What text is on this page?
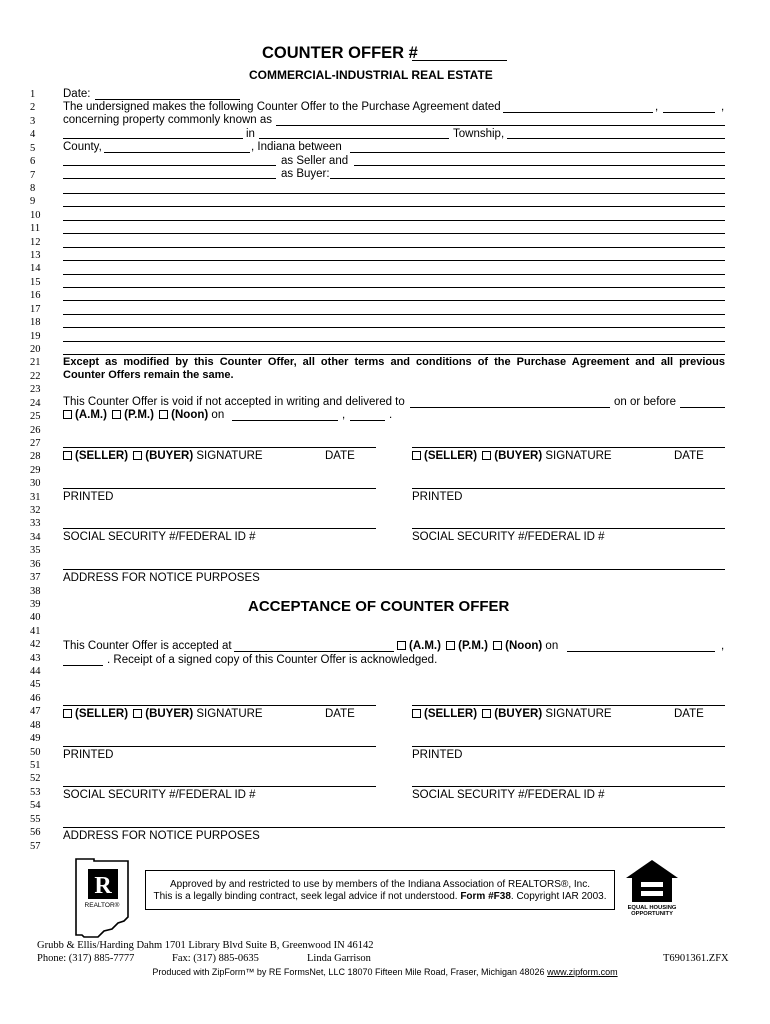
COUNTER OFFER #
COMMERCIAL-INDUSTRIAL REAL ESTATE
1
2
3
4
5
6
7
8
9
10
11
12
13
14
15
16
17
18
19
20
21
22
23
24
25
26
27
28
29
30
31
32
33
34
35
36
37
38
39
40
41
42
43
44
45
46
47
48
49
50
51
52
53
54
55
56
57
Date:
The undersigned makes the following Counter Offer to the Purchase Agreement dated	,	,
concerning property commonly known as
in	Township,
County,	, Indiana between
as Seller and
as Buyer:
Except as modified by this Counter Offer, all other terms and conditions of the Purchase Agreement and all previous
Counter Offers remain the same.
This Counter Offer is void if not accepted in writing and delivered to	on or before
(A.M.) (P.M.) (Noon) on	,	.
(SELLER) (BUYER) SIGNATURE	DATE
PRINTED
SOCIAL SECURITY #/FEDERAL ID #
(SELLER) (BUYER) SIGNATURE	DATE
PRINTED
SOCIAL SECURITY #/FEDERAL ID #
ADDRESS FOR NOTICE PURPOSES
ACCEPTANCE OF COUNTER OFFER
This Counter Offer is accepted at	(A.M.) (P.M.) (Noon) on	,
. Receipt of a signed copy of this Counter Offer is acknowledged.
(SELLER) (BUYER) SIGNATURE	DATE
PRINTED
SOCIAL SECURITY #/FEDERAL ID #
(SELLER) (BUYER) SIGNATURE	DATE
PRINTED
SOCIAL SECURITY #/FEDERAL ID #
ADDRESS FOR NOTICE PURPOSES
R
REALTOR®
Approved by and restricted to use by members of the Indiana Association of REALTORS®, Inc.
This is a legally binding contract, seek legal advice if not understood. Form #F38. Copyright IAR 2003.
EQUAL HOUSING
OPPORTUNITY
Grubb & Ellis/Harding Dahm 1701 Library Blvd Suite B, Greenwood IN 46142
Phone: (317) 885-7777	Fax: (317) 885-0635	Linda Garrison	T6901361.ZFX
Produced with ZipForm™ by RE FormsNet, LLC 18070 Fifteen Mile Road, Fraser, Michigan 48026 www.zipform.com
